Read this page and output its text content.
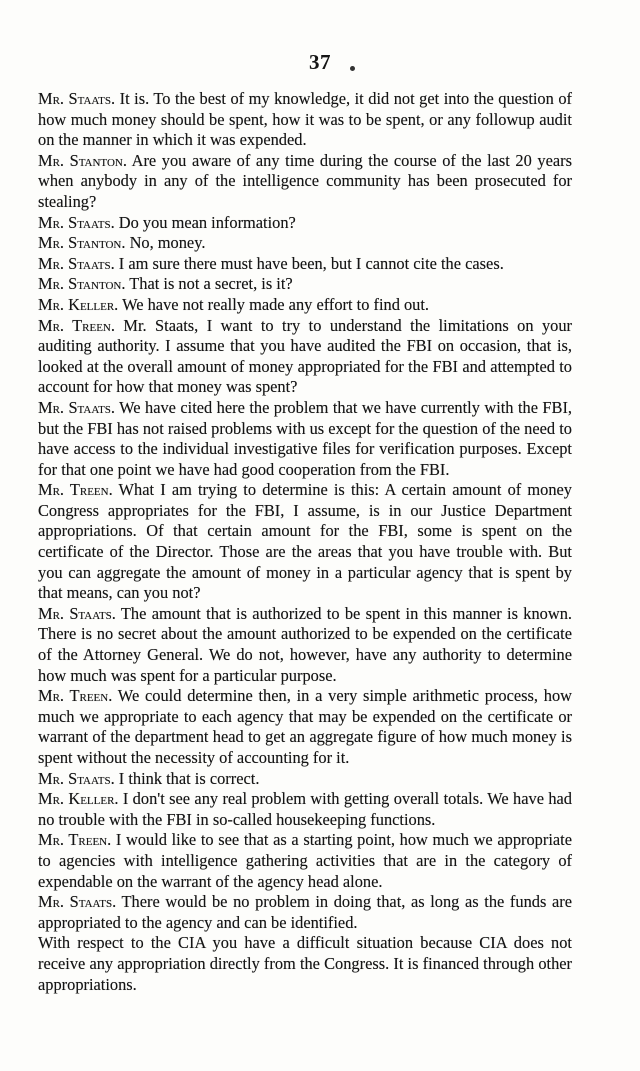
37

Mr. Staats. It is. To the best of my knowledge, it did not get into the question of how much money should be spent, how it was to be spent, or any followup audit on the manner in which it was expended.

Mr. Stanton. Are you aware of any time during the course of the last 20 years when anybody in any of the intelligence community has been prosecuted for stealing?

Mr. Staats. Do you mean information?

Mr. Stanton. No, money.

Mr. Staats. I am sure there must have been, but I cannot cite the cases.

Mr. Stanton. That is not a secret, is it?

Mr. Keller. We have not really made any effort to find out.

Mr. Treen. Mr. Staats, I want to try to understand the limitations on your auditing authority. I assume that you have audited the FBI on occasion, that is, looked at the overall amount of money appropriated for the FBI and attempted to account for how that money was spent?

Mr. Staats. We have cited here the problem that we have currently with the FBI, but the FBI has not raised problems with us except for the question of the need to have access to the individual investigative files for verification purposes. Except for that one point we have had good cooperation from the FBI.

Mr. Treen. What I am trying to determine is this: A certain amount of money Congress appropriates for the FBI, I assume, is in our Justice Department appropriations. Of that certain amount for the FBI, some is spent on the certificate of the Director. Those are the areas that you have trouble with. But you can aggregate the amount of money in a particular agency that is spent by that means, can you not?

Mr. Staats. The amount that is authorized to be spent in this manner is known. There is no secret about the amount authorized to be expended on the certificate of the Attorney General. We do not, however, have any authority to determine how much was spent for a particular purpose.

Mr. Treen. We could determine then, in a very simple arithmetic process, how much we appropriate to each agency that may be expended on the certificate or warrant of the department head to get an aggregate figure of how much money is spent without the necessity of accounting for it.

Mr. Staats. I think that is correct.

Mr. Keller. I don't see any real problem with getting overall totals. We have had no trouble with the FBI in so-called housekeeping functions.

Mr. Treen. I would like to see that as a starting point, how much we appropriate to agencies with intelligence gathering activities that are in the category of expendable on the warrant of the agency head alone.

Mr. Staats. There would be no problem in doing that, as long as the funds are appropriated to the agency and can be identified.

With respect to the CIA you have a difficult situation because CIA does not receive any appropriation directly from the Congress. It is financed through other appropriations.
